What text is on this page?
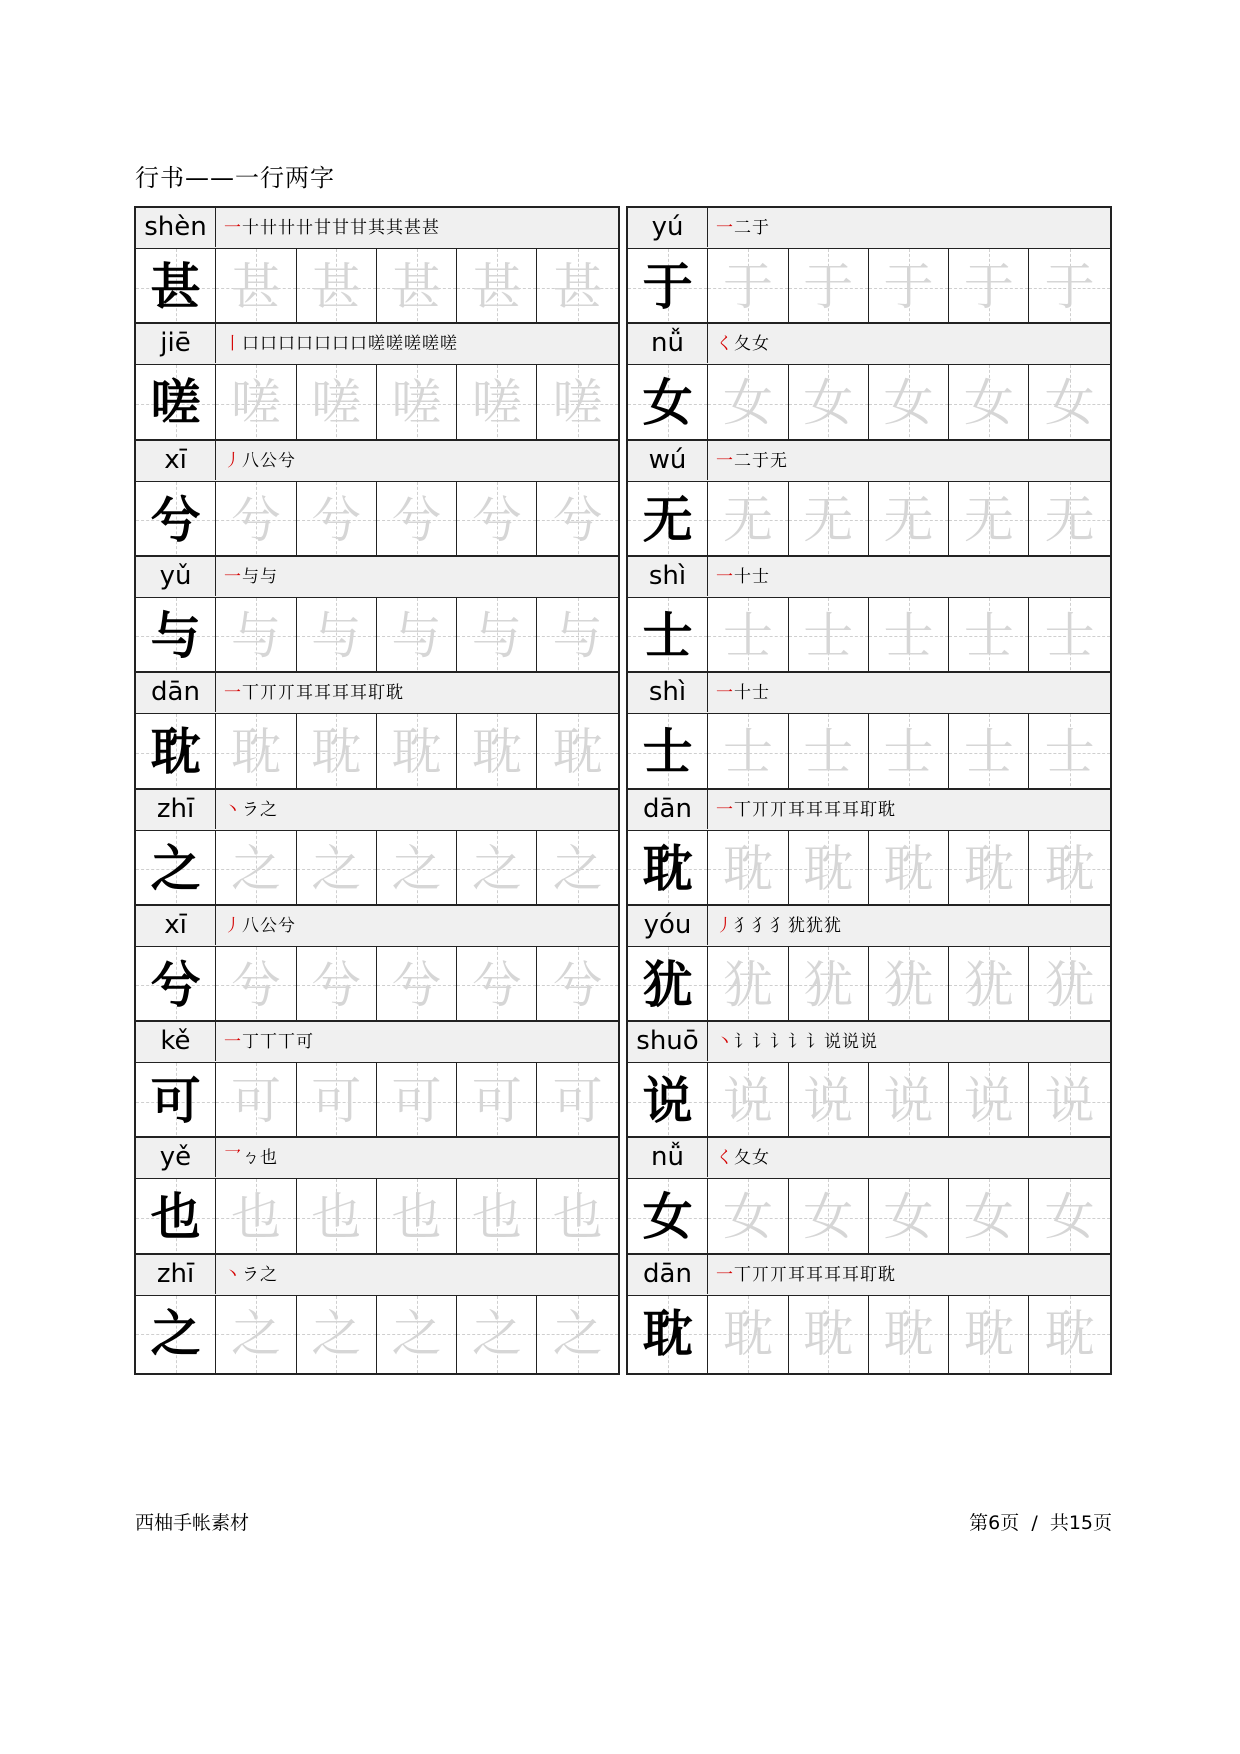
行书——一行两字
shèn	一十卄卄卄甘甘甘其其甚甚
甚 甚 甚 甚 甚 甚
jiē	丨口口口口口口口嗟嗟嗟嗟嗟
嗟 嗟 嗟 嗟 嗟 嗟
xī	丿八公兮
兮 兮 兮 兮 兮 兮
yǔ	一与与
与 与 与 与 与 与
dān	一丅丌丌耳耳耳耳耵耽
耽 耽 耽 耽 耽 耽
zhī	丶ラ之
之 之 之 之 之 之
xī	丿八公兮
兮 兮 兮 兮 兮 兮
kě	一丁丅丅可
可 可 可 可 可 可
yě	乛ㄅ也
也 也 也 也 也 也
zhī	丶ラ之
之 之 之 之 之 之
yú	一二于
于 于 于 于 于 于
nǚ	く夂女
女 女 女 女 女 女
wú	一二于无
无 无 无 无 无 无
shì	一十士
士 士 士 士 士 士
shì	一十士
士 士 士 士 士 士
dān	一丅丌丌耳耳耳耳耵耽
耽 耽 耽 耽 耽 耽
yóu	丿犭犭犭犹犹犹
犹 犹 犹 犹 犹 犹
shuō	丶讠讠讠讠讠说说说
说 说 说 说 说 说
nǚ	く夂女
女 女 女 女 女 女
dān	一丅丌丌耳耳耳耳耵耽
耽 耽 耽 耽 耽 耽
西柚手帐素材	第6页  /  共15页
